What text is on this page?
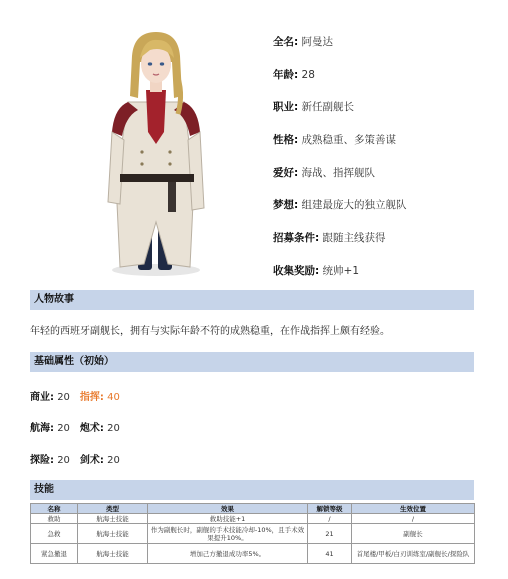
全名: 阿曼达
年龄: 28
职业: 新任副舰长
性格: 成熟稳重、多策善谋
爱好: 海战、指挥舰队
梦想: 组建最庞大的独立舰队
招募条件: 跟随主线获得
收集奖励: 统帅+1
人物故事
年轻的西班牙副舰长，拥有与实际年龄不符的成熟稳重，在作战指挥上颇有经验。
基础属性（初始）
商业: 20 指挥: 40
航海: 20 炮术: 20
探险: 20 剑术: 20
技能
名称	类型	效果	解锁等级	生效位置
救助	航海士技能	救助技能+1	/	/
急救	航海士技能	作为副舰长时，副舰的手术技能冷却-10%，且手术效果提升10%。	21	副舰长
紧急撤退	航海士技能	增加己方撤退成功率5%。	41	首尾楼/甲板/白刃训练室/副舰长/探险队
